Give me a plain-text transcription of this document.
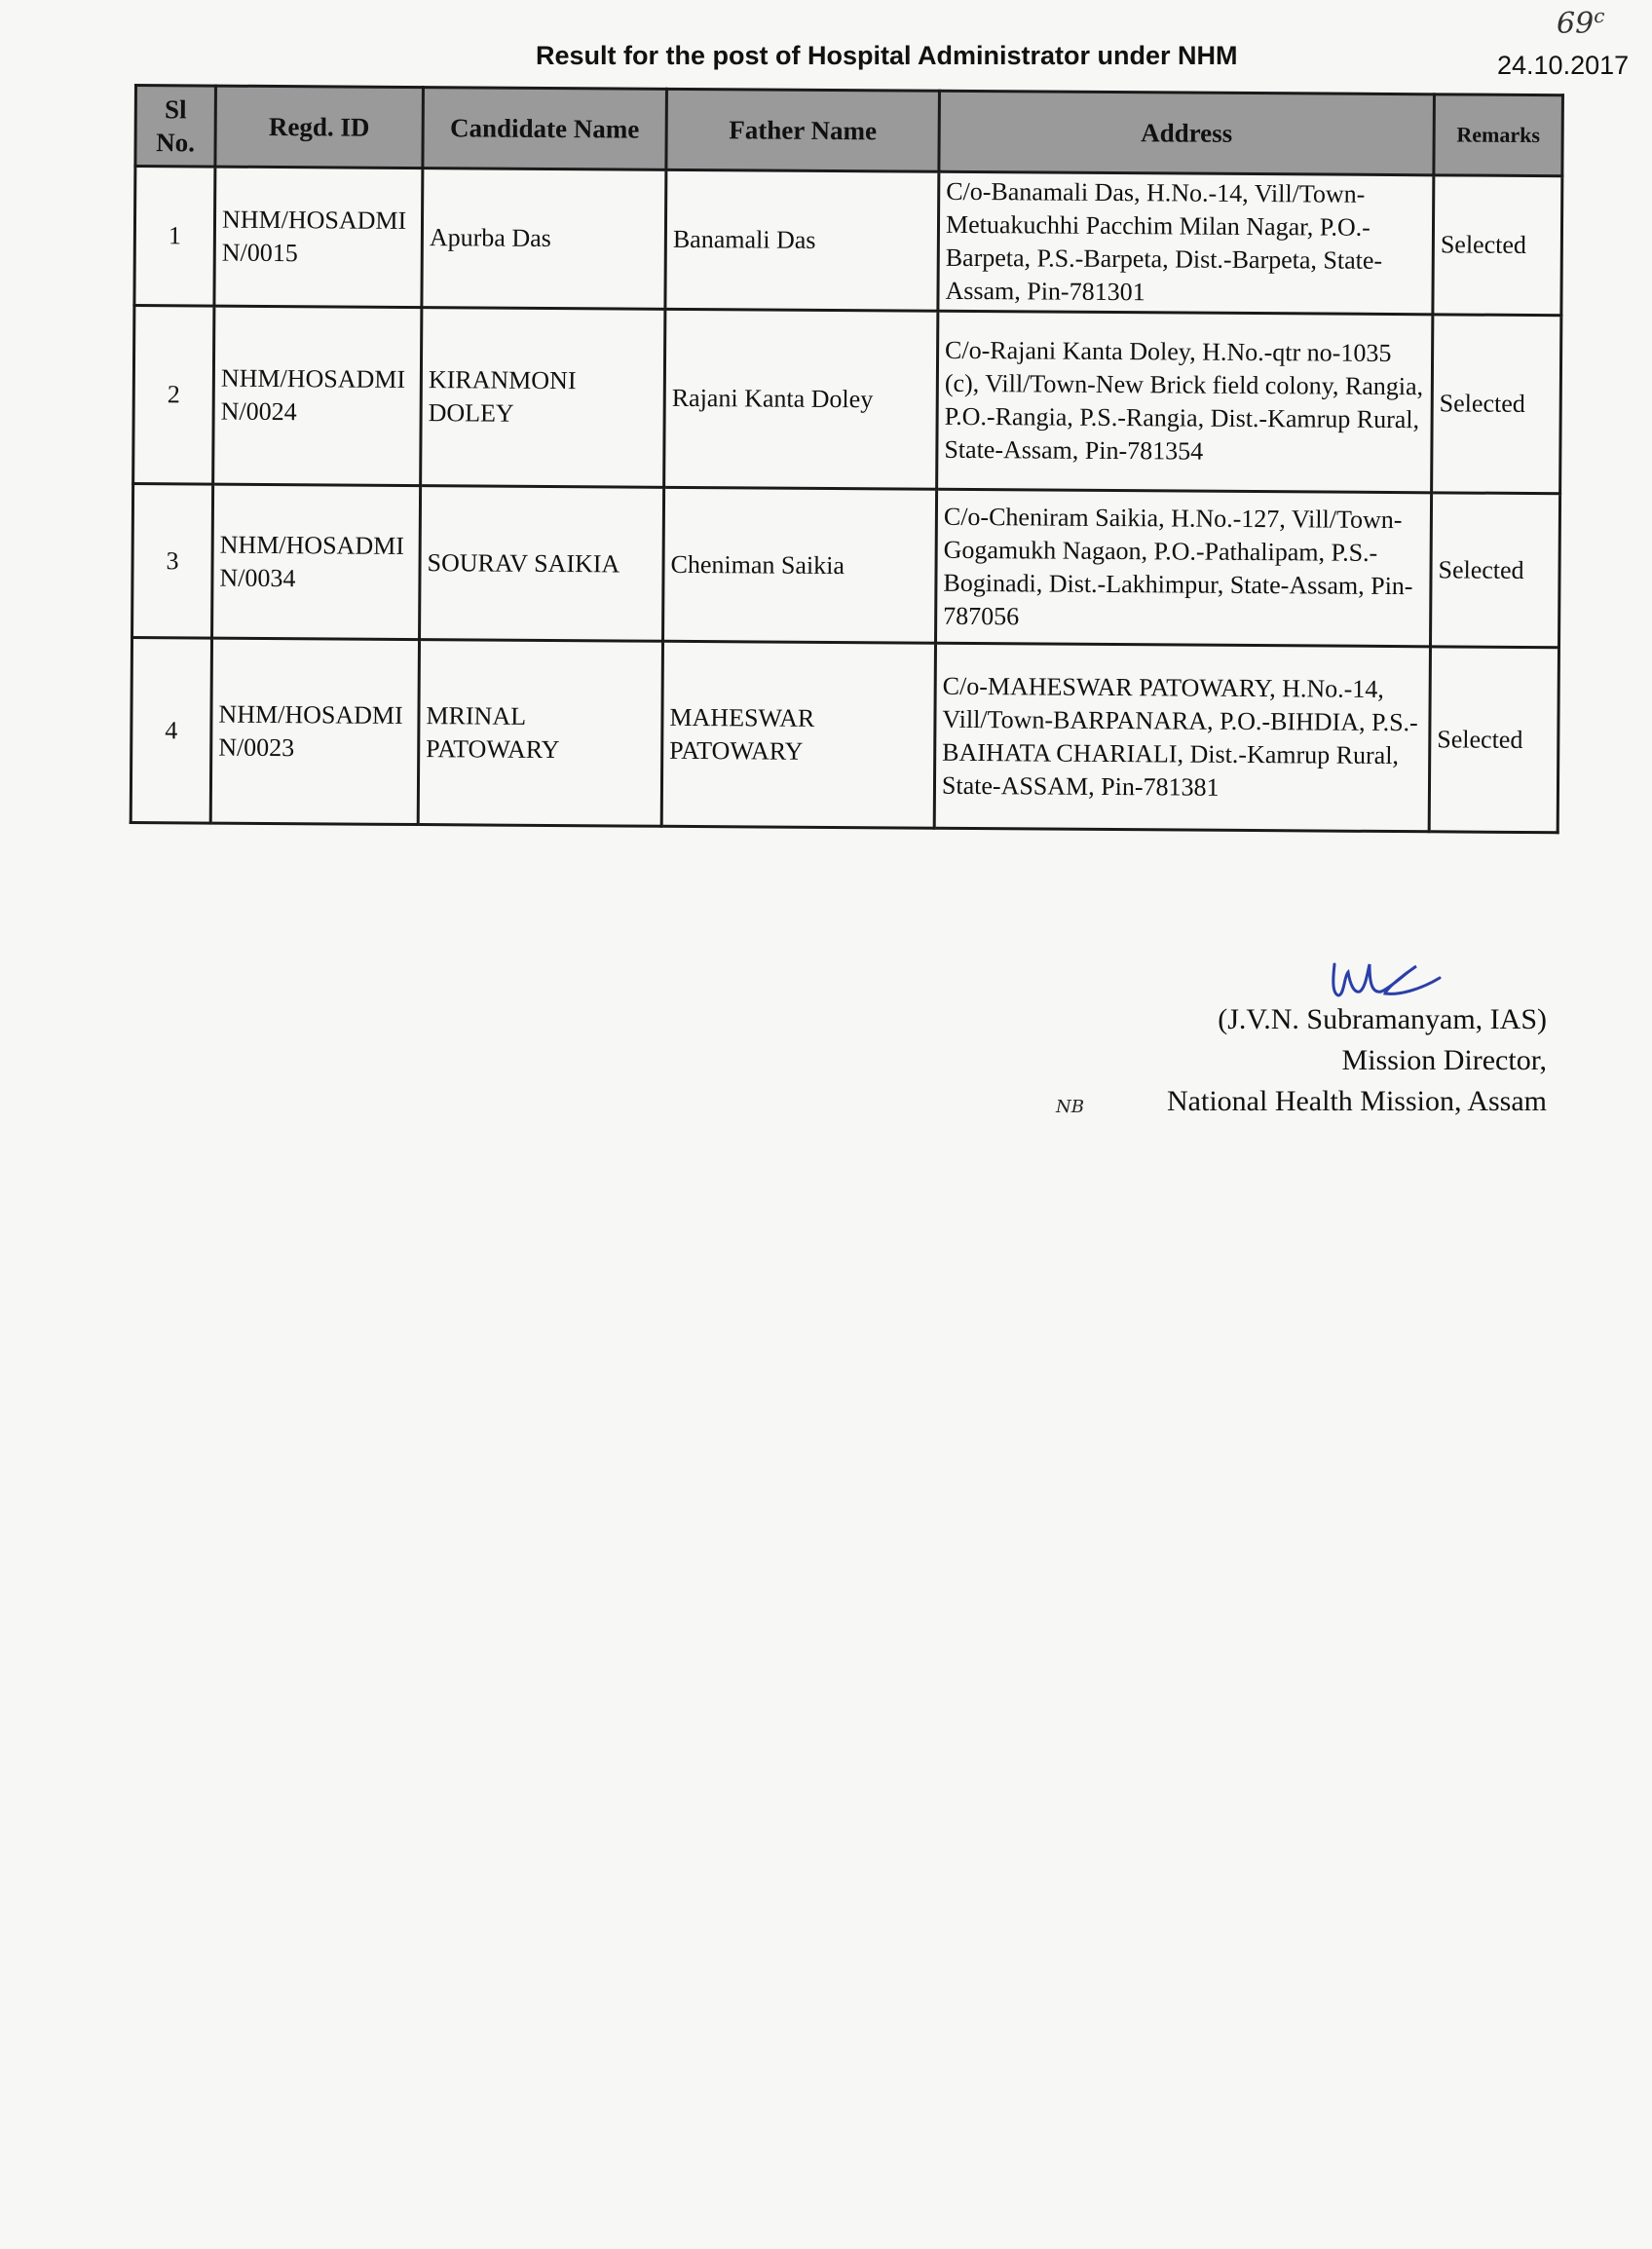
69$^c$
Result for the post of Hospital Administrator under NHM	24.10.2017
Sl No.	Regd. ID	Candidate Name	Father Name	Address	Remarks
1	NHM/HOSADMIN/0015	Apurba Das	Banamali Das	C/o-Banamali Das, H.No.-14, Vill/Town-Metuakuchhi Pacchim Milan Nagar, P.O.-Barpeta, P.S.-Barpeta, Dist.-Barpeta, State-Assam, Pin-781301	Selected
2	NHM/HOSADMIN/0024	KIRANMONI DOLEY	Rajani Kanta Doley	C/o-Rajani Kanta Doley, H.No.-qtr no-1035 (c), Vill/Town-New Brick field colony, Rangia, P.O.-Rangia, P.S.-Rangia, Dist.-Kamrup Rural, State-Assam, Pin-781354	Selected
3	NHM/HOSADMIN/0034	SOURAV SAIKIA	Cheniman Saikia	C/o-Cheniram Saikia, H.No.-127, Vill/Town-Gogamukh Nagaon, P.O.-Pathalipam, P.S.-Boginadi, Dist.-Lakhimpur, State-Assam, Pin-787056	Selected
4	NHM/HOSADMIN/0023	MRINAL PATOWARY	MAHESWAR PATOWARY	C/o-MAHESWAR PATOWARY, H.No.-14, Vill/Town-BARPANARA, P.O.-BIHDIA, P.S.-BAIHATA CHARIALI, Dist.-Kamrup Rural, State-ASSAM, Pin-781381	Selected
(J.V.N. Subramanyam, IAS)
Mission Director,
National Health Mission, Assam
NB
